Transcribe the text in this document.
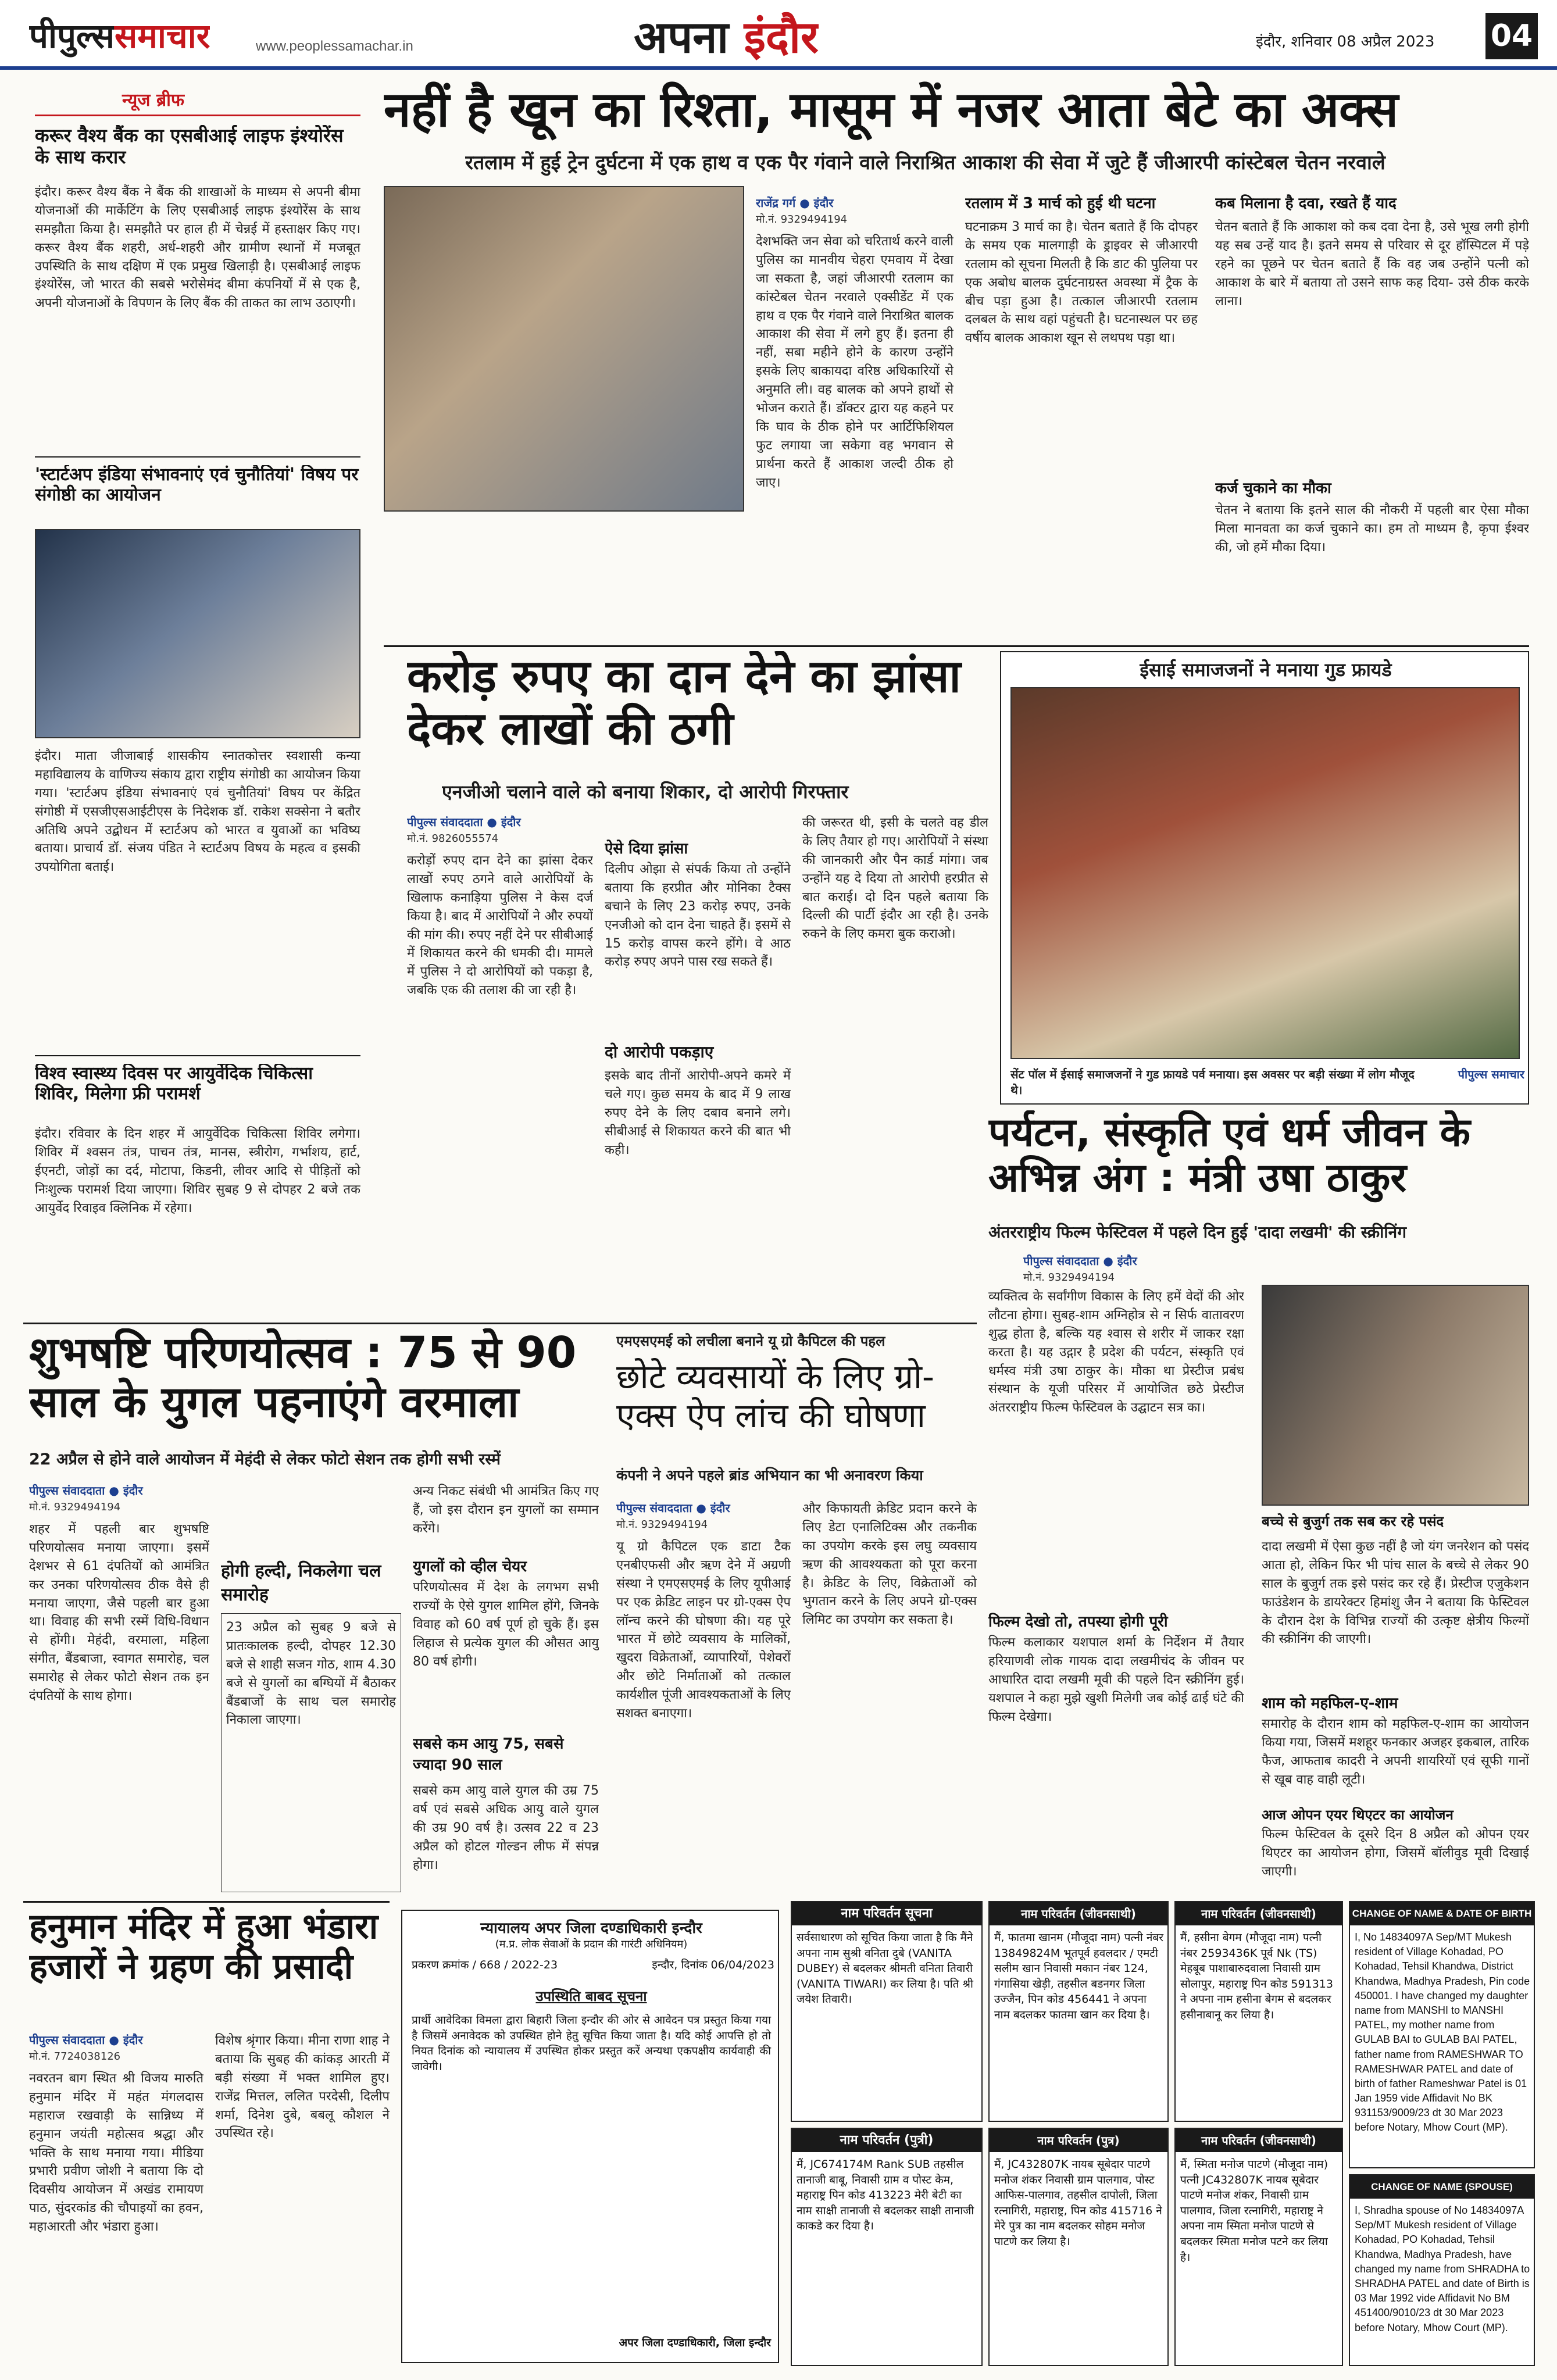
पीपुल्ससमाचार	www.peoplessamachar.in	अपना इंदौर	इंदौर, शनिवार 08 अप्रैल 2023 04
न्यूज ब्रीफ
करूर वैश्य बैंक का एसबीआई लाइफ इंश्योरेंस के साथ करार
इंदौर। करूर वैश्य बैंक ने बैंक की शाखाओं के माध्यम से अपनी बीमा योजनाओं की मार्केटिंग के लिए एसबीआई लाइफ इंश्योरेंस के साथ समझौता किया है। समझौते पर हाल ही में चेन्नई में हस्ताक्षर किए गए। करूर वैश्य बैंक शहरी, अर्ध-शहरी और ग्रामीण स्थानों में मजबूत उपस्थिति के साथ दक्षिण में एक प्रमुख खिलाड़ी है। एसबीआई लाइफ इंश्योरेंस, जो भारत की सबसे भरोसेमंद बीमा कंपनियों में से एक है, अपनी योजनाओं के विपणन के लिए बैंक की ताकत का लाभ उठाएगी।
'स्टार्टअप इंडिया संभावनाएं एवं चुनौतियां' विषय पर संगोष्ठी का आयोजन
इंदौर। माता जीजाबाई शासकीय स्नातकोत्तर स्वशासी कन्या महाविद्यालय के वाणिज्य संकाय द्वारा राष्ट्रीय संगोष्ठी का आयोजन किया गया। 'स्टार्टअप इंडिया संभावनाएं एवं चुनौतियां' विषय पर केंद्रित संगोष्ठी में एसजीएसआईटीएस के निदेशक डॉ. राकेश सक्सेना ने बतौर अतिथि अपने उद्बोधन में स्टार्टअप को भारत व युवाओं का भविष्य बताया। प्राचार्य डॉ. संजय पंडित ने स्टार्टअप विषय के महत्व व इसकी उपयोगिता बताई।
विश्व स्वास्थ्य दिवस पर आयुर्वेदिक चिकित्सा शिविर, मिलेगा फ्री परामर्श
इंदौर। रविवार के दिन शहर में आयुर्वेदिक चिकित्सा शिविर लगेगा। शिविर में श्वसन तंत्र, पाचन तंत्र, मानस, स्त्रीरोग, गर्भाशय, हार्ट, ईएनटी, जोड़ों का दर्द, मोटापा, किडनी, लीवर आदि से पीड़ितों को निःशुल्क परामर्श दिया जाएगा। शिविर सुबह 9 से दोपहर 2 बजे तक आयुर्वेद रिवाइव क्लिनिक में रहेगा।
नहीं है खून का रिश्ता, मासूम में नजर आता बेटे का अक्स
रतलाम में हुई ट्रेन दुर्घटना में एक हाथ व एक पैर गंवाने वाले निराश्रित आकाश की सेवा में जुटे हैं जीआरपी कांस्टेबल चेतन नरवाले
राजेंद्र गर्ग ● इंदौर
मो.नं. 9329494194
देशभक्ति जन सेवा को चरितार्थ करने वाली पुलिस का मानवीय चेहरा एमवाय में देखा जा सकता है, जहां जीआरपी रतलाम का कांस्टेबल चेतन नरवाले एक्सीडेंट में एक हाथ व एक पैर गंवाने वाले निराश्रित बालक आकाश की सेवा में लगे हुए हैं। इतना ही नहीं, सबा महीने होने के कारण उन्होंने इसके लिए बाकायदा वरिष्ठ अधिकारियों से अनुमति ली। वह बालक को अपने हाथों से भोजन कराते हैं। डॉक्टर द्वारा यह कहने पर कि घाव के ठीक होने पर आर्टिफिशियल फुट लगाया जा सकेगा वह भगवान से प्रार्थना करते हैं आकाश जल्दी ठीक हो जाए।
रतलाम में 3 मार्च को हुई थी घटना
घटनाक्रम 3 मार्च का है। चेतन बताते हैं कि दोपहर के समय एक मालगाड़ी के ड्राइवर से जीआरपी रतलाम को सूचना मिलती है कि डाट की पुलिया पर एक अबोध बालक दुर्घटनाग्रस्त अवस्था में ट्रैक के बीच पड़ा हुआ है। तत्काल जीआरपी रतलाम दलबल के साथ वहां पहुंचती है। घटनास्थल पर छह वर्षीय बालक आकाश खून से लथपथ पड़ा था।
कब मिलाना है दवा, रखते हैं याद
चेतन बताते हैं कि आकाश को कब दवा देना है, उसे भूख लगी होगी यह सब उन्हें याद है। इतने समय से परिवार से दूर हॉस्पिटल में पड़े रहने का पूछने पर चेतन बताते हैं कि वह जब उन्होंने पत्नी को आकाश के बारे में बताया तो उसने साफ कह दिया- उसे ठीक करके लाना।
कर्ज चुकाने का मौका
चेतन ने बताया कि इतने साल की नौकरी में पहली बार ऐसा मौका मिला मानवता का कर्ज चुकाने का। हम तो माध्यम है, कृपा ईश्वर की, जो हमें मौका दिया।
करोड़ रुपए का दान देने का झांसा देकर लाखों की ठगी
एनजीओ चलाने वाले को बनाया शिकार, दो आरोपी गिरफ्तार
पीपुल्स संवाददाता ● इंदौर
मो.नं. 9826055574
करोड़ों रुपए दान देने का झांसा देकर लाखों रुपए ठगने वाले आरोपियों के खिलाफ कनाड़िया पुलिस ने केस दर्ज किया है। बाद में आरोपियों ने और रुपयों की मांग की। रुपए नहीं देने पर सीबीआई में शिकायत करने की धमकी दी। मामले में पुलिस ने दो आरोपियों को पकड़ा है, जबकि एक की तलाश की जा रही है।
ऐसे दिया झांसा
दिलीप ओझा से संपर्क किया तो उन्होंने बताया कि हरप्रीत और मोनिका टैक्स बचाने के लिए 23 करोड़ रुपए, उनके एनजीओ को दान देना चाहते हैं। इसमें से 15 करोड़ वापस करने होंगे। वे आठ करोड़ रुपए अपने पास रख सकते हैं।
दो आरोपी पकड़ाए
इसके बाद तीनों आरोपी-अपने कमरे में चले गए। कुछ समय के बाद में 9 लाख रुपए देने के लिए दबाव बनाने लगे। सीबीआई से शिकायत करने की बात भी कही।
की जरूरत थी, इसी के चलते वह डील के लिए तैयार हो गए। आरोपियों ने संस्था की जानकारी और पैन कार्ड मांगा। जब उन्होंने यह दे दिया तो आरोपी हरप्रीत से बात कराई। दो दिन पहले बताया कि दिल्ली की पार्टी इंदौर आ रही है। उनके रुकने के लिए कमरा बुक कराओ।
ईसाई समाजजनों ने मनाया गुड फ्रायडे
सेंट पॉल में ईसाई समाजजनों ने गुड फ्रायडे पर्व मनाया। इस अवसर पर बड़ी संख्या में लोग मौजूद थे।
पीपुल्स समाचार
पर्यटन, संस्कृति एवं धर्म जीवन के अभिन्न अंग : मंत्री उषा ठाकुर
अंतरराष्ट्रीय फिल्म फेस्टिवल में पहले दिन हुई 'दादा लखमी' की स्क्रीनिंग
पीपुल्स संवाददाता ● इंदौर
मो.नं. 9329494194
व्यक्तित्व के सर्वांगीण विकास के लिए हमें वेदों की ओर लौटना होगा। सुबह-शाम अग्निहोत्र से न सिर्फ वातावरण शुद्ध होता है, बल्कि यह श्वास से शरीर में जाकर रक्षा करता है। यह उद्गार है प्रदेश की पर्यटन, संस्कृति एवं धर्मस्व मंत्री उषा ठाकुर के। मौका था प्रेस्टीज प्रबंध संस्थान के यूजी परिसर में आयोजित छठे प्रेस्टीज अंतरराष्ट्रीय फिल्म फेस्टिवल के उद्घाटन सत्र का।
फिल्म देखो तो, तपस्या होगी पूरी
फिल्म कलाकार यशपाल शर्मा के निर्देशन में तैयार हरियाणवी लोक गायक दादा लखमीचंद के जीवन पर आधारित दादा लखमी मूवी की पहले दिन स्क्रीनिंग हुई। यशपाल ने कहा मुझे खुशी मिलेगी जब कोई ढाई घंटे की फिल्म देखेगा।
बच्चे से बुजुर्ग तक सब कर रहे पसंद
दादा लखमी में ऐसा कुछ नहीं है जो यंग जनरेशन को पसंद आता हो, लेकिन फिर भी पांच साल के बच्चे से लेकर 90 साल के बुजुर्ग तक इसे पसंद कर रहे हैं। प्रेस्टीज एजुकेशन फाउंडेशन के डायरेक्टर हिमांशु जैन ने बताया कि फेस्टिवल के दौरान देश के विभिन्न राज्यों की उत्कृष्ट क्षेत्रीय फिल्मों की स्क्रीनिंग की जाएगी।
शाम को महफिल-ए-शाम
समारोह के दौरान शाम को महफिल-ए-शाम का आयोजन किया गया, जिसमें मशहूर फनकार अजहर इकबाल, तारिक फैज, आफताब कादरी ने अपनी शायरियों एवं सूफी गानों से खूब वाह वाही लूटी।
आज ओपन एयर थिएटर का आयोजन
फिल्म फेस्टिवल के दूसरे दिन 8 अप्रैल को ओपन एयर थिएटर का आयोजन होगा, जिसमें बॉलीवुड मूवी दिखाई जाएगी।
शुभषष्टि परिणयोत्सव : 75 से 90 साल के युगल पहनाएंगे वरमाला
22 अप्रैल से होने वाले आयोजन में मेहंदी से लेकर फोटो सेशन तक होगी सभी रस्में
पीपुल्स संवाददाता ● इंदौर
मो.नं. 9329494194
शहर में पहली बार शुभषष्टि परिणयोत्सव मनाया जाएगा। इसमें देशभर से 61 दंपतियों को आमंत्रित कर उनका परिणयोत्सव ठीक वैसे ही मनाया जाएगा, जैसे पहली बार हुआ था। विवाह की सभी रस्में विधि-विधान से होंगी। मेहंदी, वरमाला, महिला संगीत, बैंडबाजा, स्वागत समारोह, चल समारोह से लेकर फोटो सेशन तक इन दंपतियों के साथ होगा।
होगी हल्दी, निकलेगा चल समारोह
23 अप्रैल को सुबह 9 बजे से प्रातःकालक हल्दी, दोपहर 12.30 बजे से शाही सजन गोठ, शाम 4.30 बजे से युगलों का बग्घियों में बैठाकर बैंडबाजों के साथ चल समारोह निकाला जाएगा।
अन्य निकट संबंधी भी आमंत्रित किए गए हैं, जो इस दौरान इन युगलों का सम्मान करेंगे।
युगलों को व्हील चेयर
परिणयोत्सव में देश के लगभग सभी राज्यों के ऐसे युगल शामिल होंगे, जिनके विवाह को 60 वर्ष पूर्ण हो चुके हैं। इस लिहाज से प्रत्येक युगल की औसत आयु 80 वर्ष होगी।
सबसे कम आयु 75, सबसे ज्यादा 90 साल
सबसे कम आयु वाले युगल की उम्र 75 वर्ष एवं सबसे अधिक आयु वाले युगल की उम्र 90 वर्ष है। उत्सव 22 व 23 अप्रैल को होटल गोल्डन लीफ में संपन्न होगा।
हनुमान मंदिर में हुआ भंडारा हजारों ने ग्रहण की प्रसादी
पीपुल्स संवाददाता ● इंदौर
मो.नं. 7724038126
नवरतन बाग स्थित श्री विजय मारुति हनुमान मंदिर में महंत मंगलदास महाराज रखवाड़ी के सान्निध्य में हनुमान जयंती महोत्सव श्रद्धा और भक्ति के साथ मनाया गया। मीडिया प्रभारी प्रवीण जोशी ने बताया कि दो दिवसीय आयोजन में अखंड रामायण पाठ, सुंदरकांड की चौपाइयों का हवन, महाआरती और भंडारा हुआ।
विशेष श्रृंगार किया। मीना राणा शाह ने बताया कि सुबह की कांकड़ आरती में बड़ी संख्या में भक्त शामिल हुए। राजेंद्र मित्तल, ललित परदेसी, दिलीप शर्मा, दिनेश दुबे, बबलू कौशल ने उपस्थित रहे।
न्यायालय अपर जिला दण्डाधिकारी इन्दौर
(म.प्र. लोक सेवाओं के प्रदान की गारंटी अधिनियम)
प्रकरण क्रमांक / 668 / 2022-23	इन्दौर, दिनांक 06/04/2023
उपस्थिति बाबद सूचना
प्रार्थी आवेदिका विमला द्वारा बिहारी जिला इन्दौर की ओर से आवेदन पत्र प्रस्तुत किया गया है जिसमें अनावेदक को उपस्थित होने हेतु सूचित किया जाता है। यदि कोई आपत्ति हो तो नियत दिनांक को न्यायालय में उपस्थित होकर प्रस्तुत करें अन्यथा एकपक्षीय कार्यवाही की जावेगी।
अपर जिला दण्डाधिकारी, जिला इन्दौर
एमएसएमई को लचीला बनाने यू ग्रो कैपिटल की पहल
छोटे व्यवसायों के लिए ग्रो-एक्स ऐप लांच की घोषणा
कंपनी ने अपने पहले ब्रांड अभियान का भी अनावरण किया
पीपुल्स संवाददाता ● इंदौर
मो.नं. 9329494194
यू ग्रो कैपिटल एक डाटा टैक एनबीएफसी और ऋण देने में अग्रणी संस्था ने एमएसएमई के लिए यूपीआई पर एक क्रेडिट लाइन पर ग्रो-एक्स ऐप लॉन्च करने की घोषणा की। यह पूरे भारत में छोटे व्यवसाय के मालिकों, खुदरा विक्रेताओं, व्यापारियों, पेशेवरों और छोटे निर्माताओं को तत्काल कार्यशील पूंजी आवश्यकताओं के लिए सशक्त बनाएगा।
और किफायती क्रेडिट प्रदान करने के लिए डेटा एनालिटिक्स और तकनीक का उपयोग करके इस लघु व्यवसाय ऋण की आवश्यकता को पूरा करना है। क्रेडिट के लिए, विक्रेताओं को भुगतान करने के लिए अपने ग्रो-एक्स लिमिट का उपयोग कर सकता है।
नाम परिवर्तन सूचना
सर्वसाधारण को सूचित किया जाता है कि मैंने अपना नाम सुश्री वनिता दुबे (VANITA DUBEY) से बदलकर श्रीमती वनिता तिवारी (VANITA TIWARI) कर लिया है। पति श्री जयेश तिवारी।
नाम परिवर्तन (पुत्री)
मैं, JC674174M Rank SUB तहसील तानाजी बाबू, निवासी ग्राम व पोस्ट केम, महाराष्ट्र पिन कोड 413223 मेरी बेटी का नाम साक्षी तानाजी से बदलकर साक्षी तानाजी काकडे कर दिया है।
नाम परिवर्तन (जीवनसाथी)
मैं, फातमा खानम (मौजूदा नाम) पत्नी नंबर 13849824M भूतपूर्व हवलदार / एमटी सलीम खान निवासी मकान नंबर 124, गंगासिया खेड़ी, तहसील बडनगर जिला उज्जैन, पिन कोड 456441 ने अपना नाम बदलकर फातमा खान कर दिया है।
नाम परिवर्तन (जीवनसाथी)
मैं, हसीना बेगम (मौजूदा नाम) पत्नी नंबर 2593436K पूर्व Nk (TS) मेहबूब पाशाबारुदवाला निवासी ग्राम सोलापुर, महाराष्ट्र पिन कोड 591313 ने अपना नाम हसीना बेगम से बदलकर हसीनाबानू कर लिया है।
नाम परिवर्तन (पुत्र)
मैं, JC432807K नायब सूबेदार पाटणे मनोज शंकर निवासी ग्राम पालगाव, पोस्ट आफिस-पालगाव, तहसील दापोली, जिला रत्नागिरी, महाराष्ट्र, पिन कोड 415716 ने मेरे पुत्र का नाम बदलकर सोहम मनोज पाटणे कर लिया है।
नाम परिवर्तन (जीवनसाथी)
मैं, स्मिता मनोज पाटणे (मौजूदा नाम) पत्नी JC432807K नायब सूबेदार पाटणे मनोज शंकर, निवासी ग्राम पालगाव, जिला रत्नागिरी, महाराष्ट्र ने अपना नाम स्मिता मनोज पाटणे से बदलकर स्मिता मनोज पटने कर लिया है।
CHANGE OF NAME & DATE OF BIRTH
I, No 14834097A Sep/MT Mukesh resident of Village Kohadad, PO Kohadad, Tehsil Khandwa, District Khandwa, Madhya Pradesh, Pin code 450001. I have changed my daughter name from MANSHI to MANSHI PATEL, my mother name from GULAB BAI to GULAB BAI PATEL, father name from RAMESHWAR TO RAMESHWAR PATEL and date of birth of father Rameshwar Patel is 01 Jan 1959 vide Affidavit No BK 931153/9009/23 dt 30 Mar 2023 before Notary, Mhow Court (MP).
CHANGE OF NAME (SPOUSE)
I, Shradha spouse of No 14834097A Sep/MT Mukesh resident of Village Kohadad, PO Kohadad, Tehsil Khandwa, Madhya Pradesh, have changed my name from SHRADHA to SHRADHA PATEL and date of Birth is 03 Mar 1992 vide Affidavit No BM 451400/9010/23 dt 30 Mar 2023 before Notary, Mhow Court (MP).
